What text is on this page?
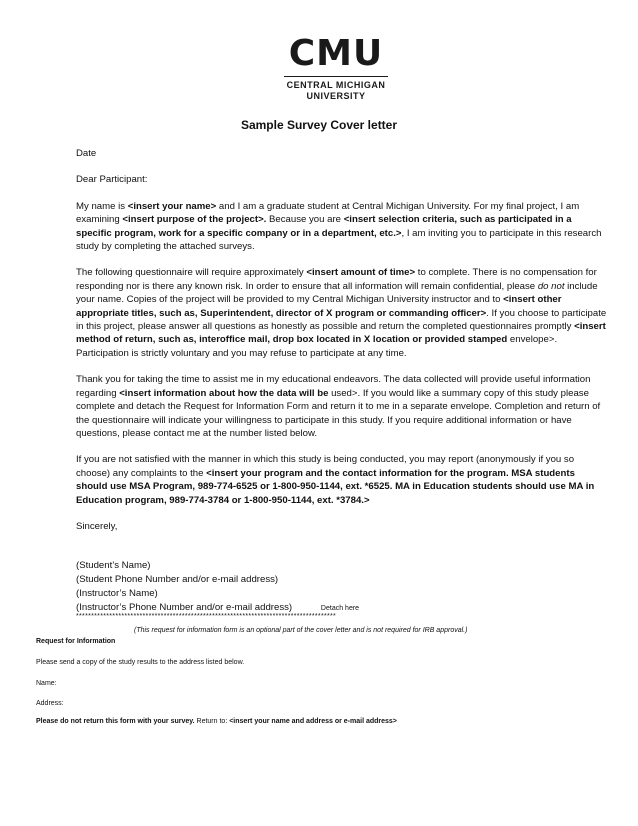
CMU
CENTRAL MICHIGAN
UNIVERSITY
Sample Survey Cover letter

Date

Dear Participant:

My name is <insert your name> and I am a graduate student at Central Michigan University. For my final project, I am examining <insert purpose of the project>. Because you are <insert selection criteria, such as participated in a specific program, work for a specific company or in a department, etc.>, I am inviting you to participate in this research study by completing the attached surveys.

The following questionnaire will require approximately <insert amount of time> to complete. There is no compensation for responding nor is there any known risk. In order to ensure that all information will remain confidential, please do not include your name. Copies of the project will be provided to my Central Michigan University instructor and to <insert other appropriate titles, such as, Superintendent, director of X program or commanding officer>. If you choose to participate in this project, please answer all questions as honestly as possible and return the completed questionnaires promptly <insert method of return, such as, interoffice mail, drop box located in X location or provided stamped envelope>. Participation is strictly voluntary and you may refuse to participate at any time.

Thank you for taking the time to assist me in my educational endeavors. The data collected will provide useful information regarding <insert information about how the data will be used>. If you would like a summary copy of this study please complete and detach the Request for Information Form and return it to me in a separate envelope. Completion and return of the questionnaire will indicate your willingness to participate in this study. If you require additional information or have questions, please contact me at the number listed below.

If you are not satisfied with the manner in which this study is being conducted, you may report (anonymously if you so choose) any complaints to the <insert your program and the contact information for the program. MSA students should use MSA Program, 989-774-6525 or 1-800-950-1144, ext. *6525. MA in Education students should use MA in Education program, 989-774-3784 or 1-800-950-1144, ext. *3784.>

Sincerely,

(Student’s Name)
(Student Phone Number and/or e-mail address)
(Instructor’s Name)
(Instructor’s Phone Number and/or e-mail address)	Detach here
**************************************************************************************
(This request for information form is an optional part of the cover letter and is not required for IRB approval.)
Request for Information
Please send a copy of the study results to the address listed below.
Name:
Address:
Please do not return this form with your survey. Return to: <insert your name and address or e-mail address>
